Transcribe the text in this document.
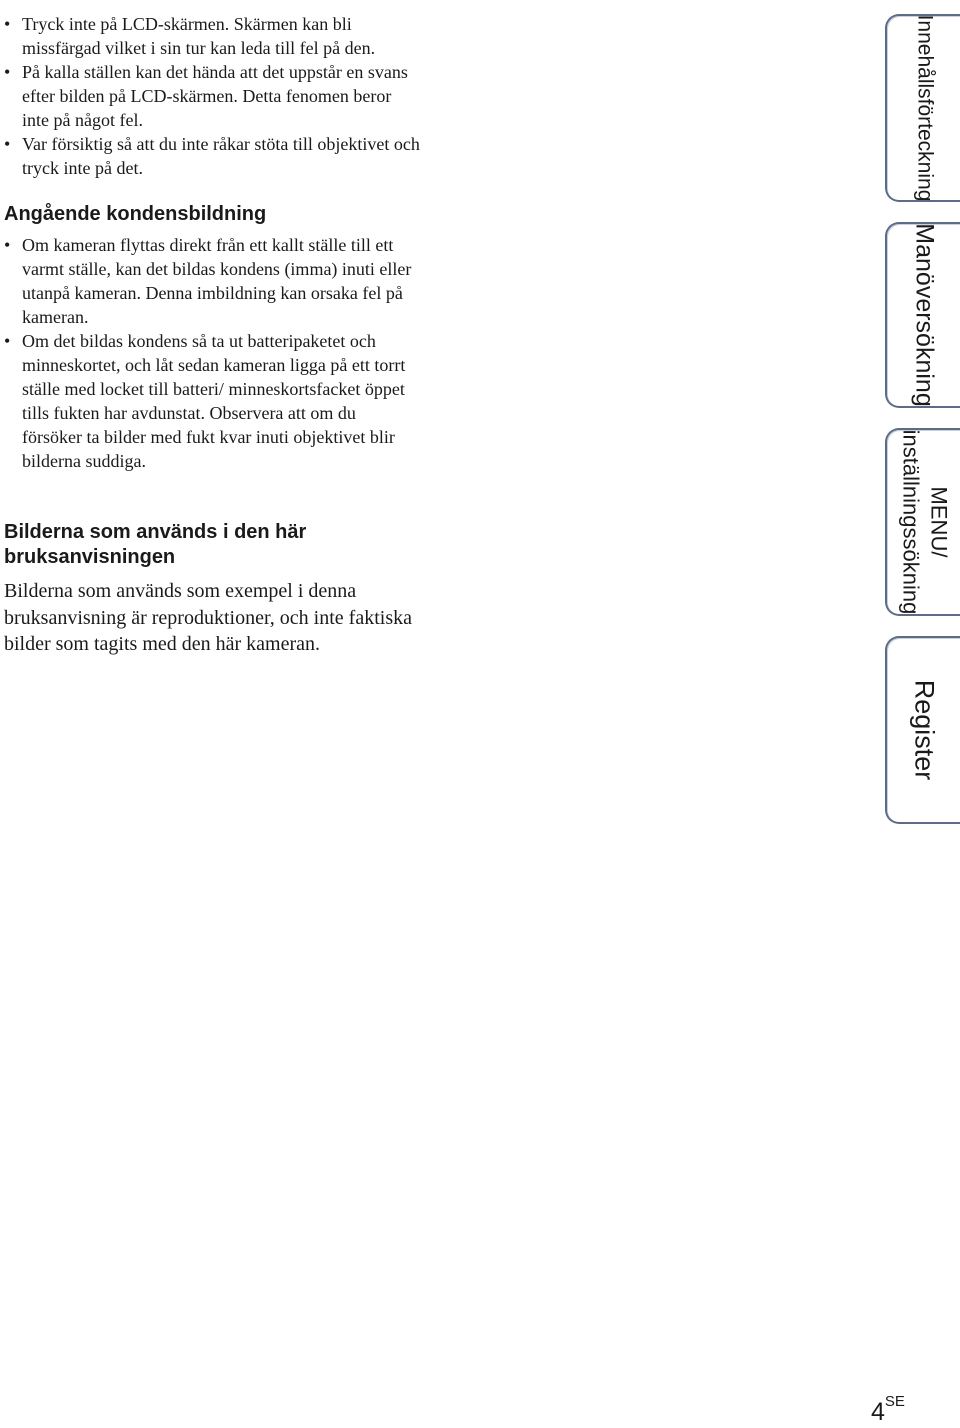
• Tryck inte på LCD-skärmen. Skärmen kan bli missfärgad vilket i sin tur kan leda till fel på den.
• På kalla ställen kan det hända att det uppstår en svans efter bilden på LCD-skärmen. Detta fenomen beror inte på något fel.
• Var försiktig så att du inte råkar stöta till objektivet och tryck inte på det.
Angående kondensbildning
• Om kameran flyttas direkt från ett kallt ställe till ett varmt ställe, kan det bildas kondens (imma) inuti eller utanpå kameran. Denna imbildning kan orsaka fel på kameran.
• Om det bildas kondens så ta ut batteripaketet och minneskortet, och låt sedan kameran ligga på ett torrt ställe med locket till batteri/ minneskortsfacket öppet tills fukten har avdunstat. Observera att om du försöker ta bilder med fukt kvar inuti objektivet blir bilderna suddiga.
Bilderna som används i den här bruksanvisningen

Bilderna som används som exempel i denna bruksanvisning är reproduktioner, och inte faktiska bilder som tagits med den här kameran.

Innehållsförteckning
Manöversökning
MENU/
inställningssökning
Register
$4^{SE}$
